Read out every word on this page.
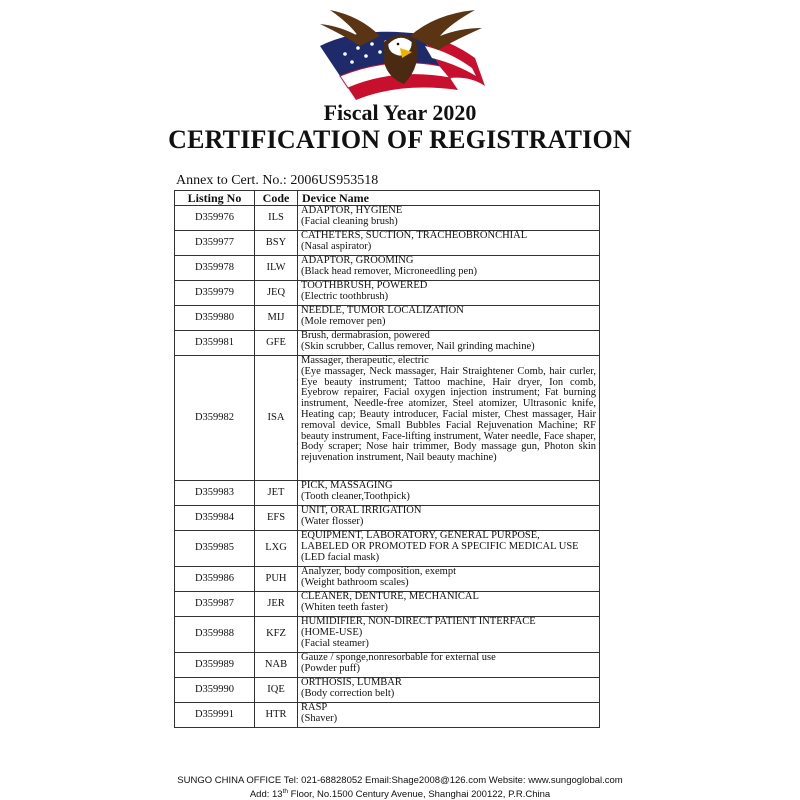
Fiscal Year 2020
CERTIFICATION OF REGISTRATION
Annex to Cert. No.: 2006US953518
Listing No	Code	Device Name
D359976	ILS	ADAPTOR, HYGIENE
(Facial cleaning brush)

D359977	BSY	CATHETERS, SUCTION, TRACHEOBRONCHIAL
(Nasal aspirator)

D359978	ILW	ADAPTOR, GROOMING
(Black head remover, Microneedling pen)

D359979	JEQ	TOOTHBRUSH, POWERED
(Electric toothbrush)

D359980	MIJ	NEEDLE, TUMOR LOCALIZATION
(Mole remover pen)

D359981	GFE	Brush, dermabrasion, powered
(Skin scrubber, Callus remover, Nail grinding machine)

D359982	ISA	Massager, therapeutic, electric
(Eye massager, Neck massager, Hair Straightener Comb, hair curler, Eye beauty instrument; Tattoo machine, Hair dryer, Ion comb, Eyebrow repairer, Facial oxygen injection instrument; Fat burning instrument, Needle-free atomizer, Steel atomizer, Ultrasonic knife, Heating cap; Beauty introducer, Facial mister, Chest massager, Hair removal device, Small Bubbles Facial Rejuvenation Machine; RF beauty instrument, Face-lifting instrument, Water needle, Face shaper, Body scraper; Nose hair trimmer, Body massage gun, Photon skin rejuvenation instrument, Nail beauty machine)

D359983	JET	PICK, MASSAGING
(Tooth cleaner,Toothpick)

D359984	EFS	UNIT, ORAL IRRIGATION
(Water flosser)

D359985	LXG	EQUIPMENT, LABORATORY, GENERAL PURPOSE,
LABELED OR PROMOTED FOR A SPECIFIC MEDICAL USE
(LED facial mask)

D359986	PUH	Analyzer, body composition, exempt
(Weight bathroom scales)

D359987	JER	CLEANER, DENTURE, MECHANICAL
(Whiten teeth faster)

D359988	KFZ	HUMIDIFIER, NON-DIRECT PATIENT INTERFACE
(HOME-USE)
(Facial steamer)

D359989	NAB	Gauze / sponge,nonresorbable for external use
(Powder puff)

D359990	IQE	ORTHOSIS, LUMBAR
(Body correction belt)

D359991	HTR	RASP
(Shaver)
SUNGO CHINA OFFICE Tel: 021-68828052 Email:Shage2008@126.com Website: www.sungoglobal.com
Add: 13th Floor, No.1500 Century Avenue, Shanghai 200122, P.R.China
